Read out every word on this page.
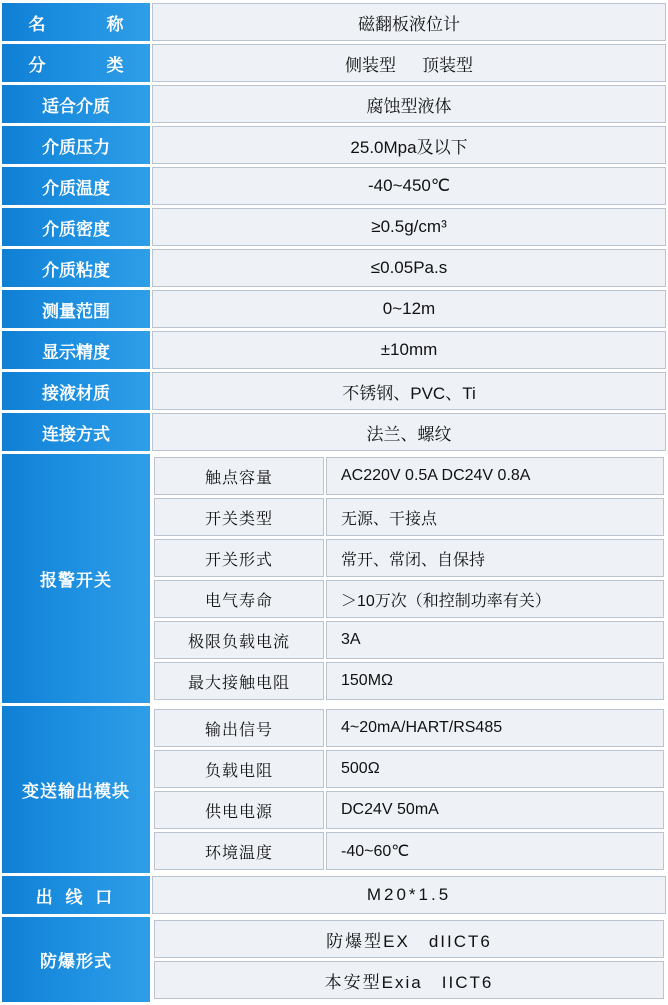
名　　称	磁翻板液位计
分　　类	侧装型 顶装型

适合介质	腐蚀型液体
介质压力	25.0Mpa及以下
介质温度	-40~450℃
介质密度	≥0.5g/cm³
介质粘度	≤0.05Pa.s
测量范围	0~12m
显示精度	±10mm
接液材质	不锈钢、PVC、Ti
连接方式	法兰、螺纹
报警开关	
触点容量	AC220V 0.5A DC24V 0.8A
开关类型	无源、干接点
开关形式	常开、常闭、自保持
电气寿命	＞10万次（和控制功率有关）
极限负载电流	3A
最大接触电阻	150MΩ

变送输出模块	
输出信号	4~20mA/HART/RS485
负载电阻	500Ω
供电电源	DC24V 50mA
环境温度	-40~60℃

出 线 口	M20*1.5
防爆形式	
防爆型EX　dIICT6
本安型Exia　IICT6
